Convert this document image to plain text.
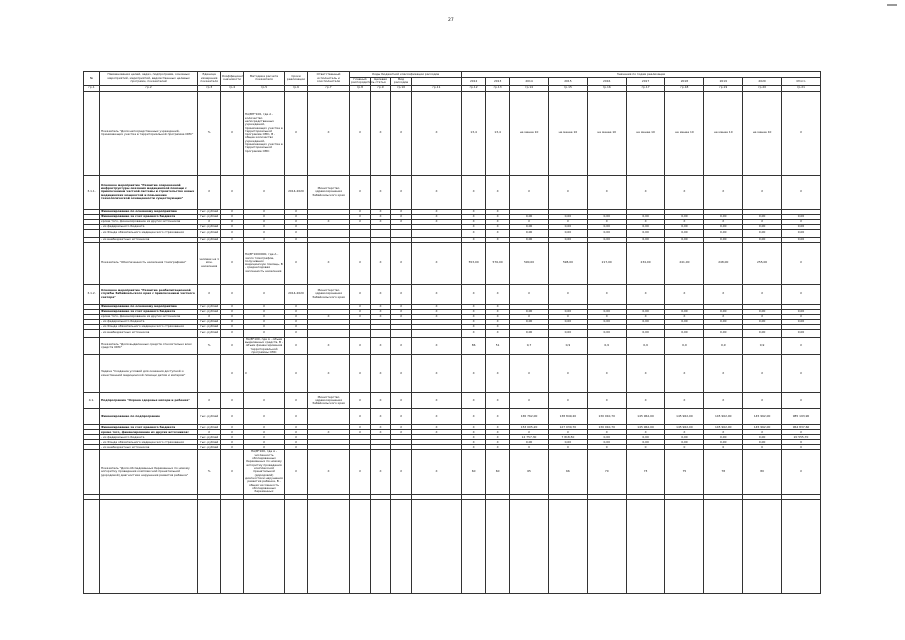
27
№	Наименования целей, задач, подпрограмм, основных мероприятий, мероприятий, ведомственных целевых программ, показателей	Единица измерения показателя	Коэффициент значимости	Методика расчета показателя	Сроки реализации	Ответственный исполнитель и соисполнители	Коды бюджетной классификации расходов				Значения по годам реализации									
							Главный распорядитель	Целевая статья	Вид расходов		2012	2013	2014	2015	2016	2017	2018	2019	2020	Итого

гр.1	гр.2	гр.3	гр.4	гр.5	гр.6	гр.7	гр.8	гр.9	гр.10	гр.11	гр.12	гр.13	гр.14	гр.15	гр.16	гр.17	гр.18	гр.19	гр.20	гр.21
	Показатель "Доля непосредственных учреждений, принимающих участие в территориальной программе ОМС"	%	X	ПА/ВП*100, где А - количество непосредственных учреждений, принимающих участие в территориальной программе ОМС, В - общее количество учреждений, принимающих участие в территориальной программе ОМС	X	X	X	X	X	X	13,4	13,4	не менее 10	не менее 10	не менее 10	не менее 10	не менее 10	не менее 10	не менее 10	X
3.1.1.	Основное мероприятие "Развитие современной инфраструктуры оказания медицинской помощи с привлечением частной системы и строительство новых медицинских мощностей и повышение технологической оснащенности существующих"	X	X	X	2014-2020	Министерство здравоохранения Забайкальского края	X	X	X	X	X	X	X	X	X	X	X	X	X	X
	Финансирование по основному мероприятию	тыс. рублей	X	X	X		X	X	X	X	X	X								
	Финансирование за счет краевого бюджета	тыс. рублей	X	X	X		X	X	X	X	X	X	0,00	0,00	0,00	0,00	0,00	0,00	0,00	0,00
	кроме того, финансирование из других источников	X	X	X	X	X	X	X	X	X	X	X	X	X	X	X	X	X	X	X
	- из федерального бюджета	тыс. рублей	X	X	X						X	X	0,00	0,00	0,00	0,00	0,00	0,00	0,00	0,00
	- из Фонда обязательного медицинского страхования	тыс. рублей	X	X	X						X	X	0,00	0,00	0,00	0,00	0,00	0,00	0,00	0,00
	- из внебюджетных источников	тыс. рублей	X	X	X						X	X	0,00	0,00	0,00	0,00	0,00	0,00	0,00	0,00
	Показатель "Обеспеченность населения томографами"	человек на 1 млн. населения	X	ПА/В*1000000, где А - число томографов, получивших медицинскую помощь, В - среднегодовая численность населения	X	X	X	X	X	X	553,00	576,00	590,00	598,00	217,00	234,00	241,00	248,00	255,00	X
3.1.2.	Основное мероприятие "Развитие реабилитационной службы Забайкальского края с привлечением частного сектора"	X	X	X	2014-2020	Министерство здравоохранения Забайкальского края	X	X	X	X	X	X	X	X	X	X	X	X	X	X
	Финансирование по основному мероприятию	тыс. рублей	X	X	X		X	X	X	X	X	X								
	Финансирование за счет краевого бюджета	тыс. рублей	X	X	X		X	X	X	X	X	X	0,00	0,00	0,00	0,00	0,00	0,00	0,00	0,00
	кроме того, финансирование из других источников	X	X	X	X	X	X	X	X	X	X	X	X	X	X	X	X	X	X	X
	- из федерального бюджета	тыс. рублей	X	X	X						X	X	0,00	0,00	0,00	0,00	0,00	0,00	0,00	0,00
	- из Фонда обязательного медицинского страхования	тыс. рублей	X	X	X						X	X								
	- из внебюджетных источников	тыс. рублей	X	X	X						X	X	0,00	0,00	0,00	0,00	0,00	0,00	0,00	0,00
	Показатель "Доля выделенных средств относительно всех средств ОМС"	%	X	ПА/В*100, где А - объем выделенных средств, В - объем финансирования территориальной программы ОМС	X	X	X	X	X	X	86	51	0,7	0,9	0,9	0,9	0,9	0,9	0,9	X
	Задача "Создание условий для оказания доступной и качественной медицинской помощи детям и матерям"		X	X	X	X	X	X	X	X	X	X	X	X	X	X	X	X	X	X
4.1.	Подпрограмма "Охрана здоровья матери и ребенка"	X	X	X	X	Министерство здравоохранения Забайкальского края	X	X	X	X	X	X	X	X	X	X	X	X	X	X
	Финансирование по подпрограмме	тыс. рублей	X	X	X		X	X	X	X	X	X	165 762,00	138 849,20	130 910,70	145 962,00	145 962,00	145 962,00	145 962,00	985 193,90
	Финансирование за счет краевого бюджета	тыс. рублей	X	X	X		X	X	X	X	X	X	153 005,20	127 030,70	130 910,70	145 962,00	145 962,00	145 962,00	145 962,00	964 837,60
	кроме того, финансирование из других источников:	X	X	X	X	X	X	X	X	X	X	X	X	X	X	X	X	X	X	X
	- из федерального бюджета	тыс. рублей	X	X	X						X	X	12 757,30	7 818,50	0,00	0,00	0,00	0,00	0,00	20 555,70
	- из Фонда обязательного медицинского страхования	тыс. рублей	X	X	X						X	X	0,00	0,00	0,00	0,00	0,00	0,00	0,00	0
	- из внебюджетных источников	тыс. рублей	X	X	X						X	X	0	0	0	0	0	0	0	0
	Показатель "Доля обследованных беременных по новому алгоритму проведения комплексной пренатальной (дородовой) диагностики нарушения развития ребенка"	%	X	ПА/В*100, где А - численность обследованных беременных по новому алгоритму проведения комплексной пренатальной (дородовой) диагностики нарушения развития ребенка, В - общая численность обследованных беременных	X	X	X	X	X	X	60	60	65	66	70	73	75	78	80	X
